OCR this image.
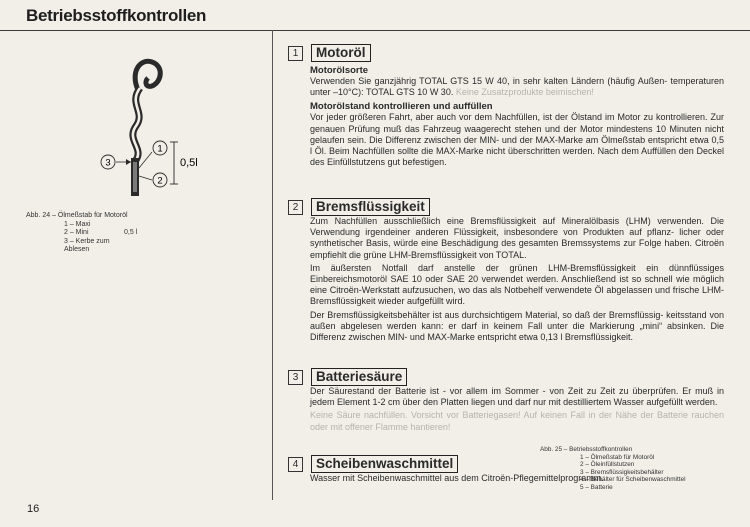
Betriebsstoffkontrollen
1
2
3	0,5l
Abb. 24 – Ölmeßstab für Motoröl
1 – Maxi
2 – Mini	0,5 l
3 – Kerbe zum Ablesen
1	Motoröl
Motorölsorte
Verwenden Sie ganzjährig TOTAL GTS 15 W 40, in sehr kalten Ländern (häufig Außen- temperaturen unter –10°C): TOTAL GTS 10 W 30. Keine Zusatzprodukte beimischen!
Motorölstand kontrollieren und auffüllen
Vor jeder größeren Fahrt, aber auch vor dem Nachfüllen, ist der Ölstand im Motor zu kontrollieren. Zur genauen Prüfung muß das Fahrzeug waagerecht stehen und der Motor mindestens 10 Minuten nicht gelaufen sein. Die Differenz zwischen der MIN- und der MAX-Marke am Ölmeßstab entspricht etwa 0,5 l Öl. Beim Nachfüllen sollte die MAX-Marke nicht überschritten werden. Nach dem Auffüllen den Deckel des Einfüllstutzens gut befestigen.
2	Bremsflüssigkeit
Zum Nachfüllen ausschließlich eine Bremsflüssigkeit auf Mineralölbasis (LHM) verwenden. Die Verwendung irgendeiner anderen Flüssigkeit, insbesondere von Produkten auf pflanz- licher oder synthetischer Basis, würde eine Beschädigung des gesamten Bremssystems zur Folge haben. Citroën empfiehlt die grüne LHM-Bremsflüssigkeit von TOTAL.
Im äußersten Notfall darf anstelle der grünen LHM-Bremsflüssigkeit ein dünnflüssiges Einbereichsmotoröl SAE 10 oder SAE 20 verwendet werden. Anschließend ist so schnell wie möglich eine Citroën-Werkstatt aufzusuchen, wo das als Notbehelf verwendete Öl abgelassen und frische LHM-Bremsflüssigkeit wieder aufgefüllt wird.
Der Bremsflüssigkeitsbehälter ist aus durchsichtigem Material, so daß der Bremsflüssig- keitsstand von außen abgelesen werden kann: er darf in keinem Fall unter die Markierung „mini“ absinken. Die Differenz zwischen MIN- und MAX-Marke entspricht etwa 0,13 l Bremsflüssigkeit.
3	Batteriesäure
Der Säurestand der Batterie ist - vor allem im Sommer - von Zeit zu Zeit zu überprüfen. Er muß in jedem Element 1-2 cm über den Platten liegen und darf nur mit destilliertem Wasser aufgefüllt werden.
Keine Säure nachfüllen. Vorsicht vor Batteriegasen! Auf keinen Fall in der Nähe der Batterie rauchen oder mit offener Flamme hantieren!
4	Scheibenwaschmittel
Wasser mit Scheibenwaschmittel aus dem Citroën-Pflegemittelprogramm.
Abb. 25 – Betriebsstoffkontrollen
1 – Ölmeßstab für Motoröl
2 – Öleinfüllstutzen
3 – Bremsflüssigkeitsbehälter
4 – Behälter für Scheibenwaschmittel
5 – Batterie
16
